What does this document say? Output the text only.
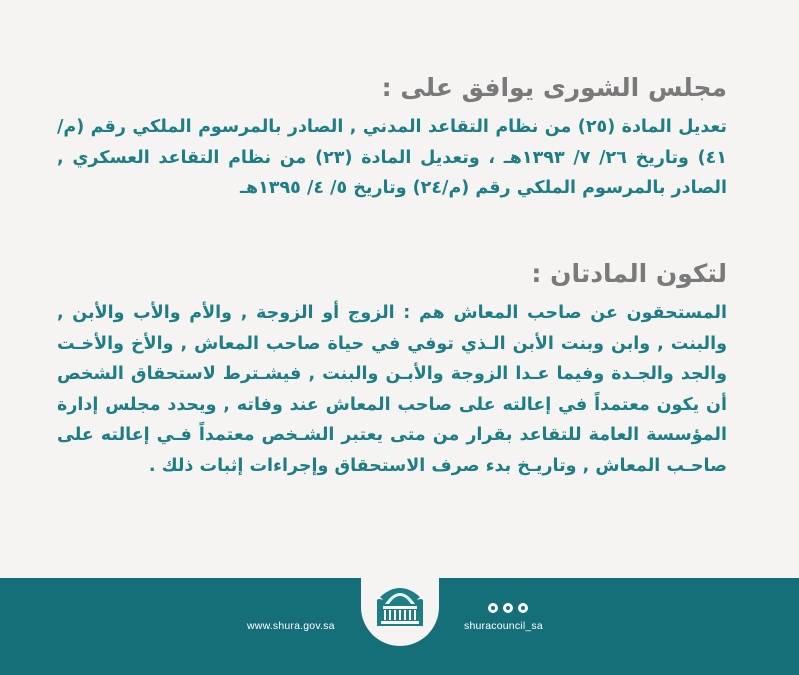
مجلس الشورى يوافق على :

تعديل المادة (٢٥) من نظام التقاعد المدني , الصادر بالمرسوم الملكي رقم (م/٤١) وتاريخ ٢٦/ ٧/ ١٣٩٣هـ ، وتعديل المادة (٢٣) من نظام التقاعد العسكري , الصادر بالمرسوم الملكي رقم (م/٢٤) وتاريخ ٥/ ٤/ ١٣٩٥هـ

لتكون المادتان :

المستحقون عن صاحب المعاش هم : الزوج أو الزوجة , والأم والأب والأبن , والبنت , وابن وبنت الأبن الـذي توفي في حياة صاحب المعاش , والأخ والأخـت والجد والجـدة وفيما عـدا الزوجة والأبـن والبنت , فيشـترط لاستحقاق الشخص أن يكون معتمداً في إعالته على صاحب المعاش عند وفاته , ويحدد مجلس إدارة المؤسسة العامة للتقاعد بقرار من متى يعتبر الشـخص معتمداً فـي إعالته على صاحـب المعاش , وتاريـخ بدء صرف الاستحقاق وإجراءات إثبات ذلك .

www.shura.gov.sa	shuracouncil_sa
